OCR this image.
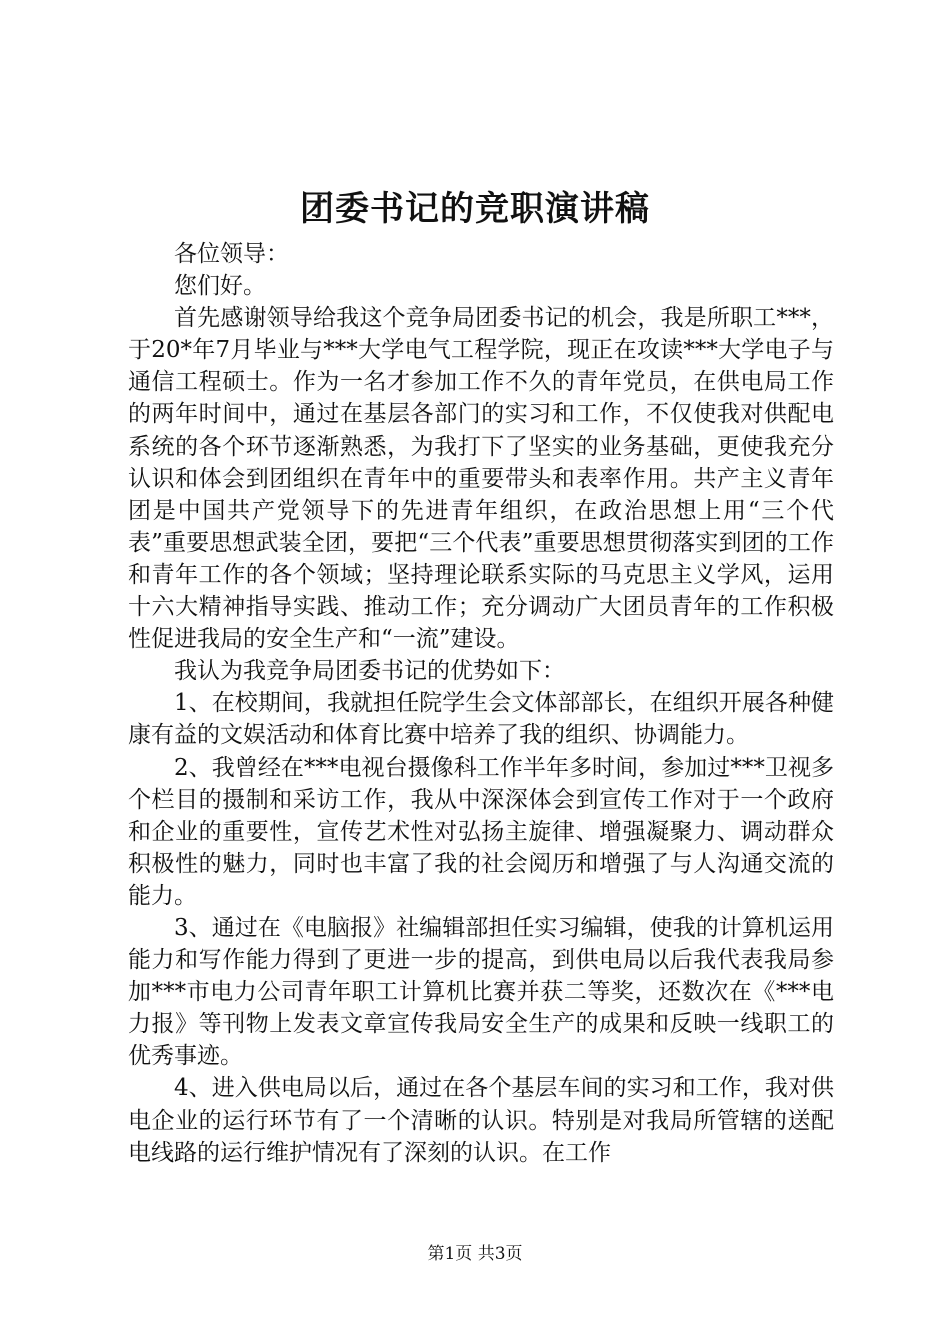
团委书记的竞职演讲稿

各位领导：

您们好。

首先感谢领导给我这个竞争局团委书记的机会，我是所职工***，于20*年7月毕业与***大学电气工程学院，现正在攻读***大学电子与通信工程硕士。作为一名才参加工作不久的青年党员，在供电局工作的两年时间中，通过在基层各部门的实习和工作，不仅使我对供配电系统的各个环节逐渐熟悉，为我打下了坚实的业务基础，更使我充分认识和体会到团组织在青年中的重要带头和表率作用。共产主义青年团是中国共产党领导下的先进青年组织，在政治思想上用“三个代表”重要思想武装全团，要把“三个代表”重要思想贯彻落实到团的工作和青年工作的各个领域；坚持理论联系实际的马克思主义学风，运用十六大精神指导实践、推动工作；充分调动广大团员青年的工作积极性促进我局的安全生产和“一流”建设。

我认为我竞争局团委书记的优势如下：

1、在校期间，我就担任院学生会文体部部长，在组织开展各种健康有益的文娱活动和体育比赛中培养了我的组织、协调能力。

2、我曾经在***电视台摄像科工作半年多时间，参加过***卫视多个栏目的摄制和采访工作，我从中深深体会到宣传工作对于一个政府和企业的重要性，宣传艺术性对弘扬主旋律、增强凝聚力、调动群众积极性的魅力，同时也丰富了我的社会阅历和增强了与人沟通交流的能力。

3、通过在《电脑报》社编辑部担任实习编辑，使我的计算机运用能力和写作能力得到了更进一步的提高，到供电局以后我代表我局参加***市电力公司青年职工计算机比赛并获二等奖，还数次在《***电力报》等刊物上发表文章宣传我局安全生产的成果和反映一线职工的优秀事迹。

4、进入供电局以后，通过在各个基层车间的实习和工作，我对供电企业的运行环节有了一个清晰的认识。特别是对我局所管辖的送配电线路的运行维护情况有了深刻的认识。在工作

第1页 共3页
